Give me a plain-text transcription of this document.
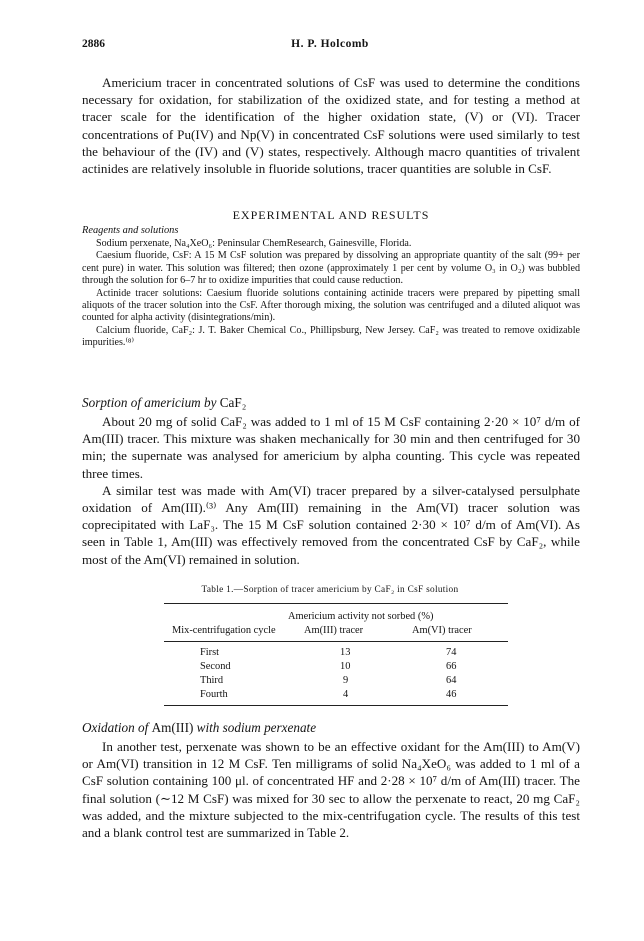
2886	H. P. Holcomb

Americium tracer in concentrated solutions of CsF was used to determine the conditions necessary for oxidation, for stabilization of the oxidized state, and for testing a method at tracer scale for the identification of the higher oxidation state, (V) or (VI). Tracer concentrations of Pu(IV) and Np(V) in concentrated CsF solutions were used similarly to test the behaviour of the (IV) and (V) states, respectively. Although macro quantities of trivalent actinides are relatively insoluble in fluoride solutions, tracer quantities are soluble in CsF.

EXPERIMENTAL AND RESULTS
Reagents and solutions

Sodium perxenate, Na₄XeO₆: Peninsular ChemResearch, Gainesville, Florida.

Caesium fluoride, CsF: A 15 M CsF solution was prepared by dissolving an appropriate quantity of the salt (99+ per cent pure) in water. This solution was filtered; then ozone (approximately 1 per cent by volume O₃ in O₂) was bubbled through the solution for 6–7 hr to oxidize impurities that could cause reduction.

Actinide tracer solutions: Caesium fluoride solutions containing actinide tracers were prepared by pipetting small aliquots of the tracer solution into the CsF. After thorough mixing, the solution was centrifuged and a diluted aliquot was counted for alpha activity (disintegrations/min).

Calcium fluoride, CaF₂: J. T. Baker Chemical Co., Phillipsburg, New Jersey. CaF₂ was treated to remove oxidizable impurities.⁽⁸⁾

Sorption of americium by CaF₂

About 20 mg of solid CaF₂ was added to 1 ml of 15 M CsF containing 2·20 × 10⁷ d/m of Am(III) tracer. This mixture was shaken mechanically for 30 min and then centrifuged for 30 min; the supernate was analysed for americium by alpha counting. This cycle was repeated three times.

A similar test was made with Am(VI) tracer prepared by a silver-catalysed persulphate oxidation of Am(III).⁽³⁾ Any Am(III) remaining in the Am(VI) tracer solution was coprecipitated with LaF₃. The 15 M CsF solution contained 2·30 × 10⁷ d/m of Am(VI). As seen in Table 1, Am(III) was effectively removed from the concentrated CsF by CaF₂, while most of the Am(VI) remained in solution.

Table 1.—Sorption of tracer americium by CaF₂ in CsF solution
Americium activity not sorbed (%)
Mix-centrifugation cycle	Am(III) tracer	Am(VI) tracer
First	13	74
Second	10	66
Third	9	64
Fourth	4	46
Oxidation of Am(III) with sodium perxenate

In another test, perxenate was shown to be an effective oxidant for the Am(III) to Am(V) or Am(VI) transition in 12 M CsF. Ten milligrams of solid Na₄XeO₆ was added to 1 ml of a CsF solution containing 100 μl. of concentrated HF and 2·28 × 10⁷ d/m of Am(III) tracer. The final solution (∼12 M CsF) was mixed for 30 sec to allow the perxenate to react, 20 mg CaF₂ was added, and the mixture subjected to the mix-centrifugation cycle. The results of this test and a blank control test are summarized in Table 2.
